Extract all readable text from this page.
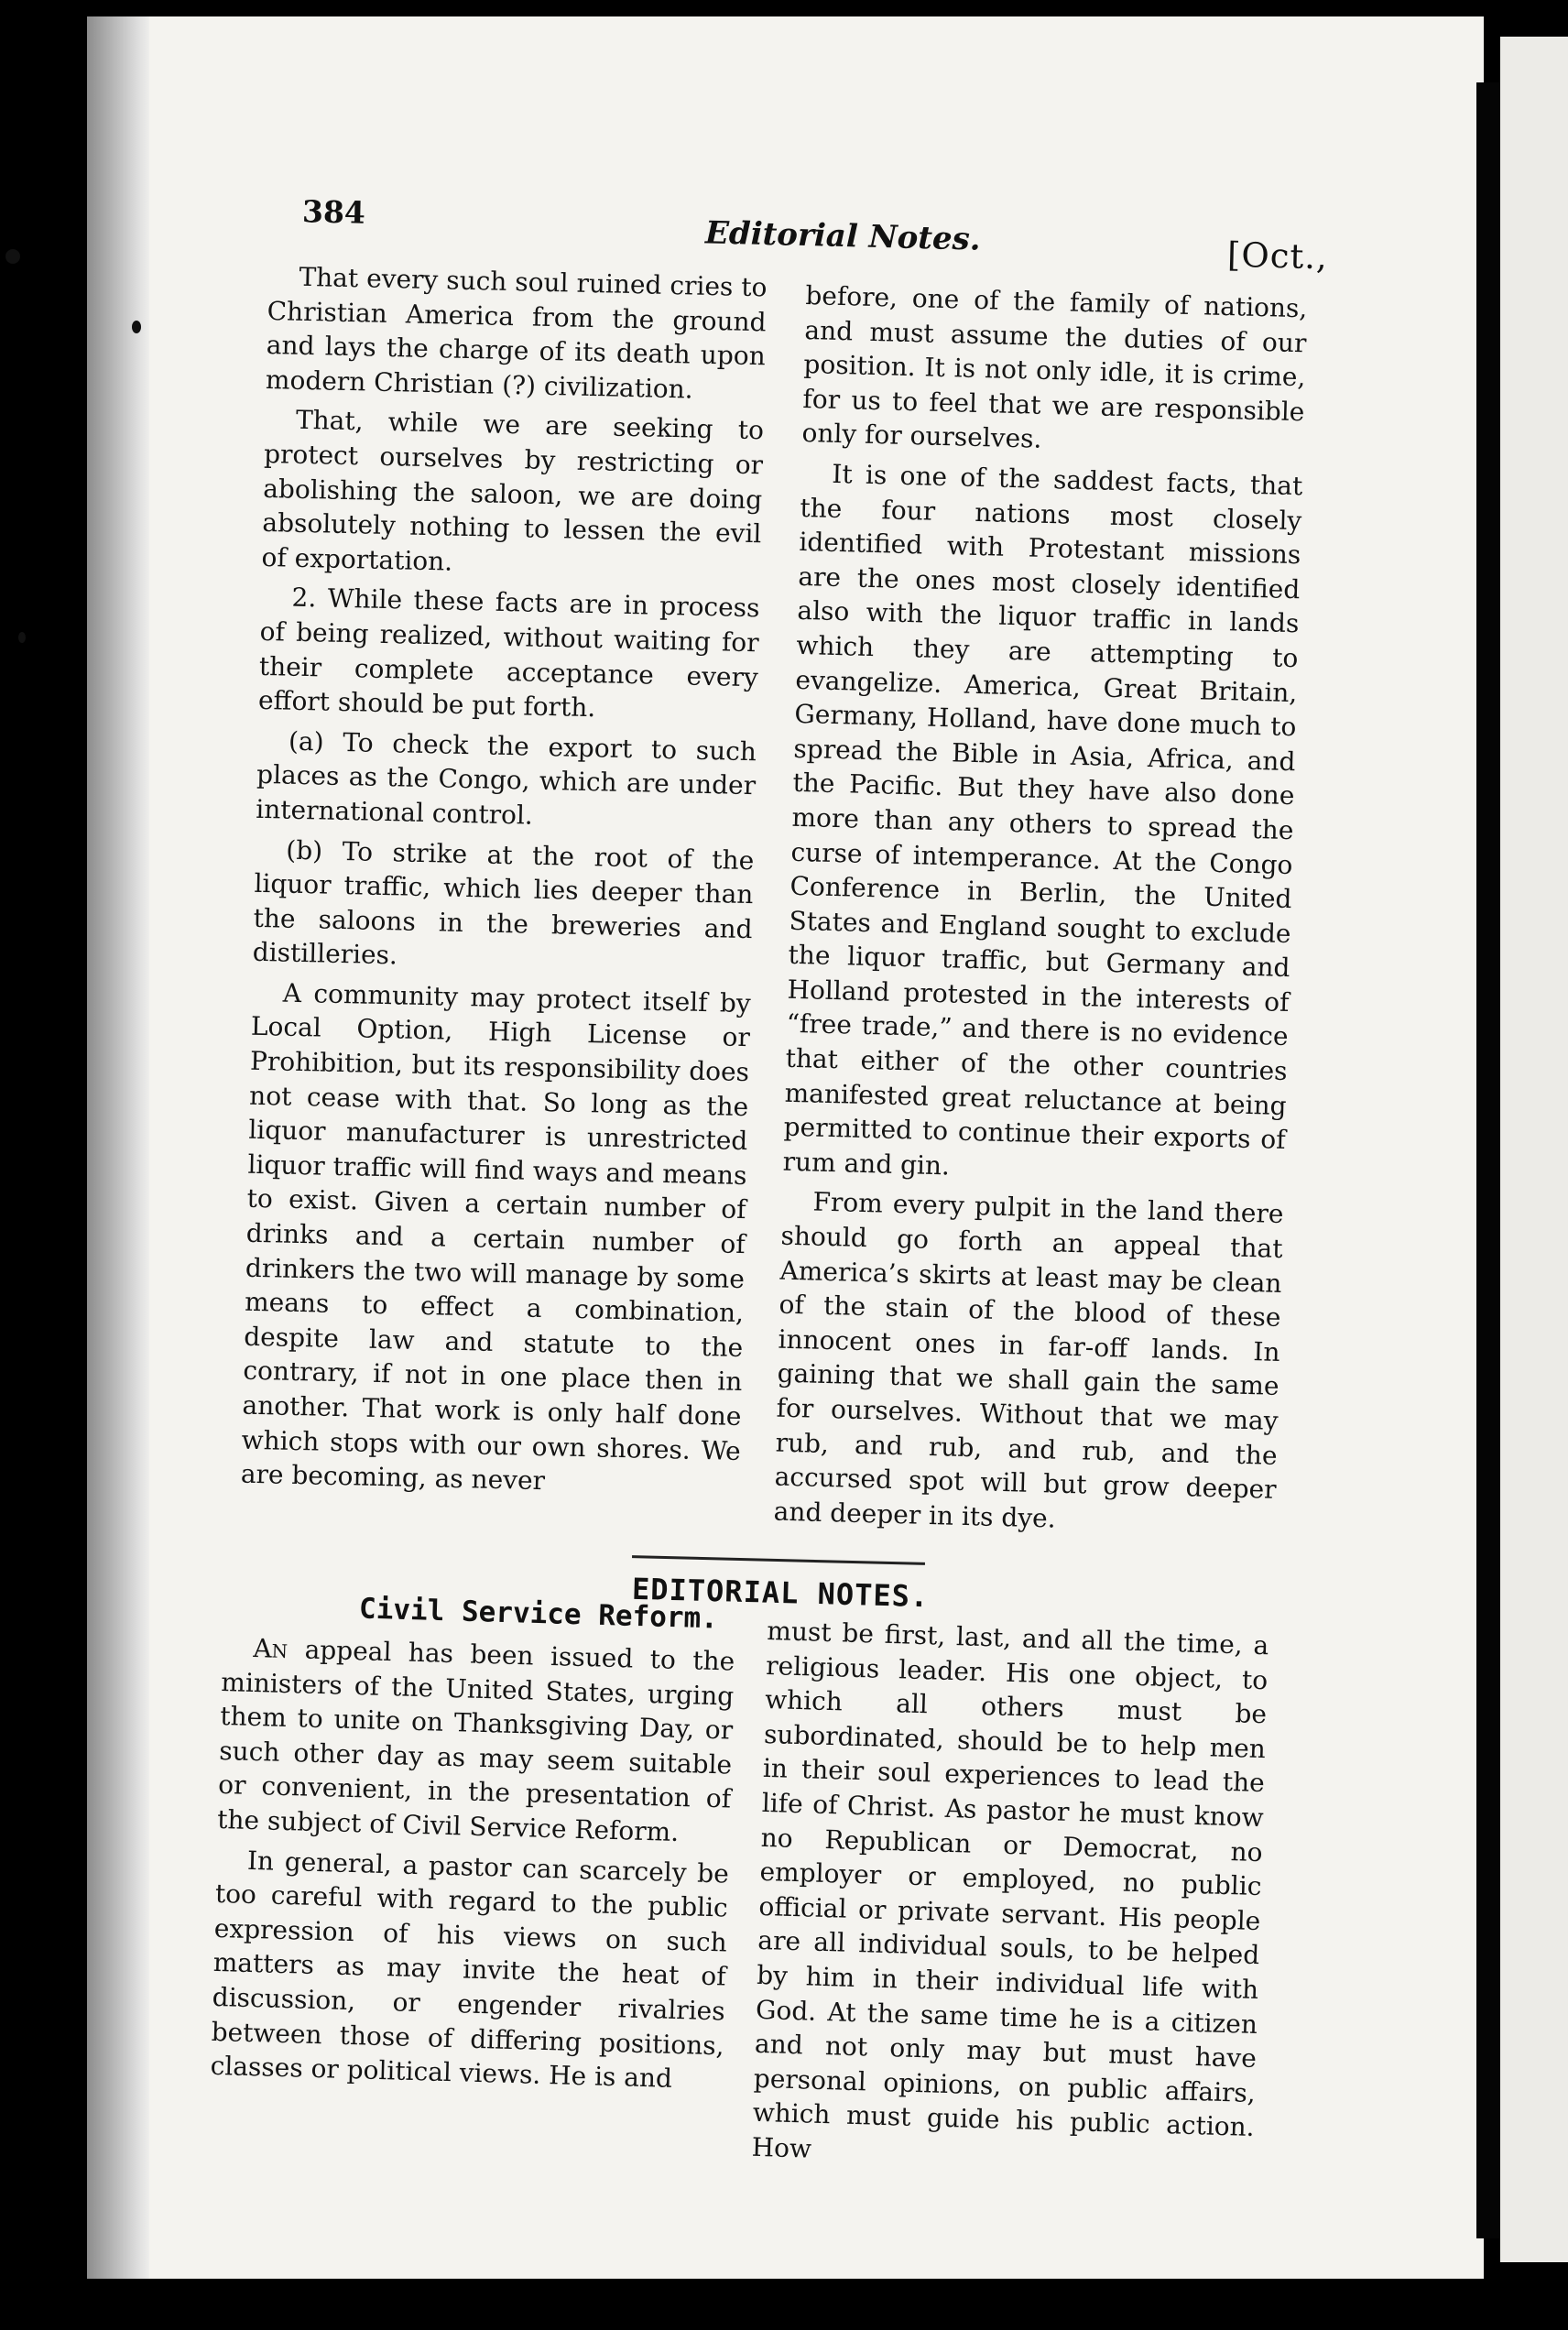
384
Editorial Notes.	[Oct.,

That every such soul ruined cries to Christian America from the ground and lays the charge of its death upon modern Christian (?) civilization.

That, while we are seeking to protect ourselves by restricting or abolishing the saloon, we are doing absolutely nothing to lessen the evil of exportation.

2. While these facts are in process of being realized, without waiting for their complete acceptance every effort should be put forth.

(a) To check the export to such places as the Congo, which are under international control.

(b) To strike at the root of the liquor traffic, which lies deeper than the saloons in the breweries and distilleries.

A community may protect itself by Local Option, High License or Prohibition, but its responsibility does not cease with that. So long as the liquor manufacturer is unrestricted liquor traffic will find ways and means to exist. Given a certain number of drinks and a certain number of drinkers the two will manage by some means to effect a combination, despite law and statute to the contrary, if not in one place then in another. That work is only half done which stops with our own shores. We are becoming, as never

before, one of the family of nations, and must assume the duties of our position. It is not only idle, it is crime, for us to feel that we are responsible only for ourselves.

It is one of the saddest facts, that the four nations most closely identified with Protestant missions are the ones most closely identified also with the liquor traffic in lands which they are attempting to evangelize. America, Great Britain, Germany, Holland, have done much to spread the Bible in Asia, Africa, and the Pacific. But they have also done more than any others to spread the curse of intemperance. At the Congo Conference in Berlin, the United States and England sought to exclude the liquor traffic, but Germany and Holland protested in the interests of “free trade,” and there is no evidence that either of the other countries manifested great reluctance at being permitted to continue their exports of rum and gin.

From every pulpit in the land there should go forth an appeal that America’s skirts at least may be clean of the stain of the blood of these innocent ones in far-off lands. In gaining that we shall gain the same for ourselves. Without that we may rub, and rub, and rub, and the accursed spot will but grow deeper and deeper in its dye.

EDITORIAL NOTES.
Civil Service Reform.

An appeal has been issued to the ministers of the United States, urging them to unite on Thanksgiving Day, or such other day as may seem suitable or convenient, in the presentation of the subject of Civil Service Reform.

In general, a pastor can scarcely be too careful with regard to the public expression of his views on such matters as may invite the heat of discussion, or engender rivalries between those of differing positions, classes or political views. He is and

must be first, last, and all the time, a religious leader. His one object, to which all others must be subordinated, should be to help men in their soul experiences to lead the life of Christ. As pastor he must know no Republican or Democrat, no employer or employed, no public official or private servant. His people are all individual souls, to be helped by him in their individual life with God. At the same time he is a citizen and not only may but must have personal opinions, on public affairs, which must guide his public action. How
